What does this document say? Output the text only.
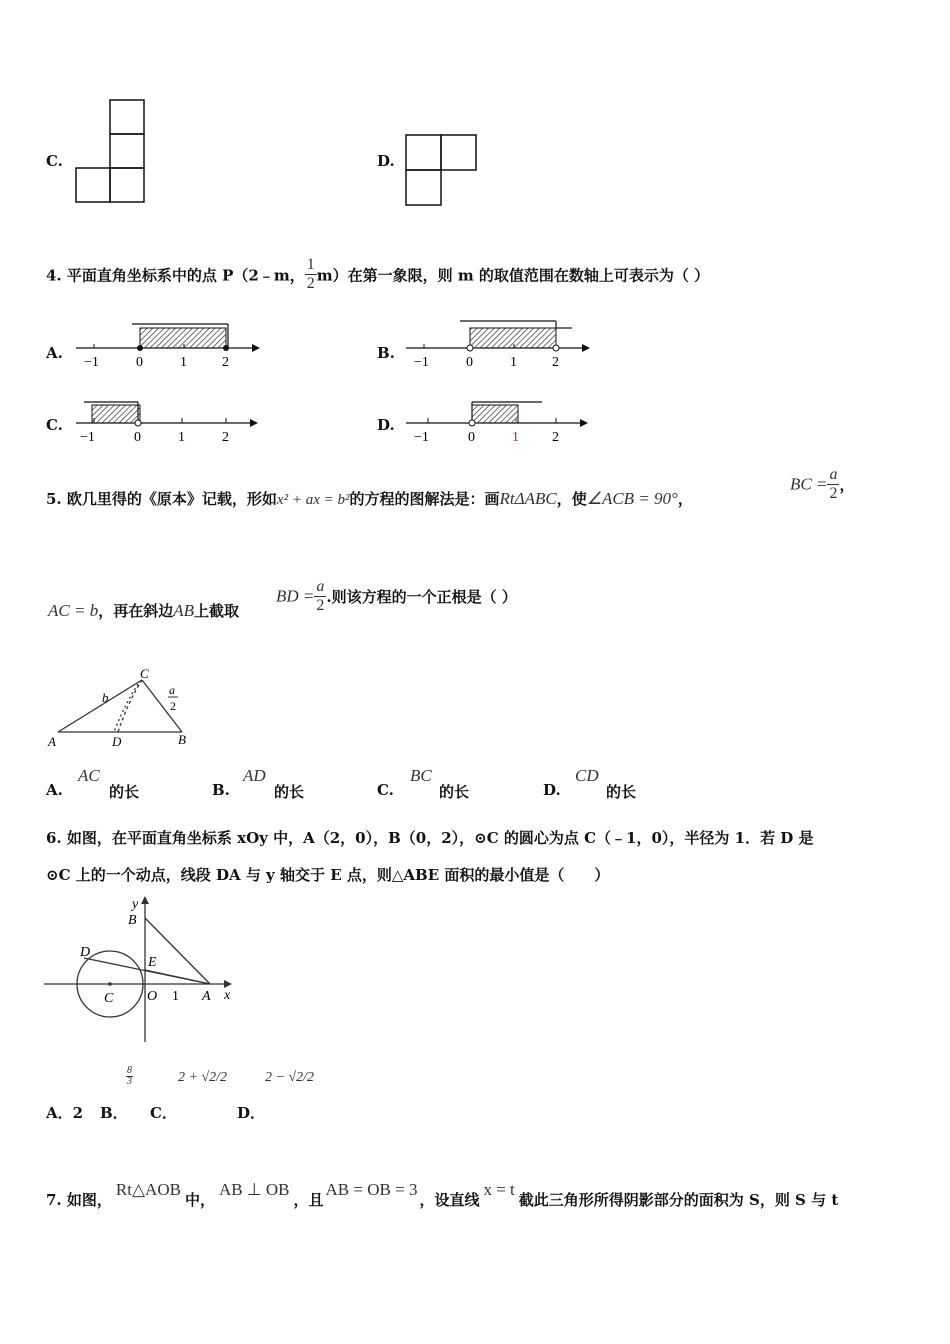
C.	D.
4. 平面直角坐标系中的点 P（2﹣m， $\frac{1}{2} m$）在第一象限，则 m 的取值范围在数轴上可表示为（ ）
A.
−1	0	1	2
B.
−1	0	1	2
C.
−1	0	1	2
D.
−1	0	1 2
5. 欧几里得的《原本》记载，形如x² + ax = b²的方程的图解法是：画RtΔABC，使∠ACB = 90°，
BC = $\frac{a}{2}$ ，
AC = b，再在斜边AB上截取
BD = $\frac{a}{2}$ .则该方程的一个正根是（ ）
A	D	B
C
b	a
2
A.
AC
的长	B.
AD
的长	C.
BC
的长	D.
CD
的长
6. 如图，在平面直角坐标系 xOy 中，A（2，0），B（0，2），⊙C 的圆心为点 C（﹣1，0），半径为 1．若 D 是
⊙C 上的一个动点，线段 DA 与 y 轴交于 E 点，则△ABE 面积的最小值是（　　）
y
x
B
D
E
C O 1 A
$\frac{8}{3}$	2 + √2/2	2 − √2/2
A．2 B． C．	D．
7. 如图，Rt△AOB中，AB ⊥ OB，且AB = OB = 3，设直线x = t截此三角形所得阴影部分的面积为 S，则 S 与 t
